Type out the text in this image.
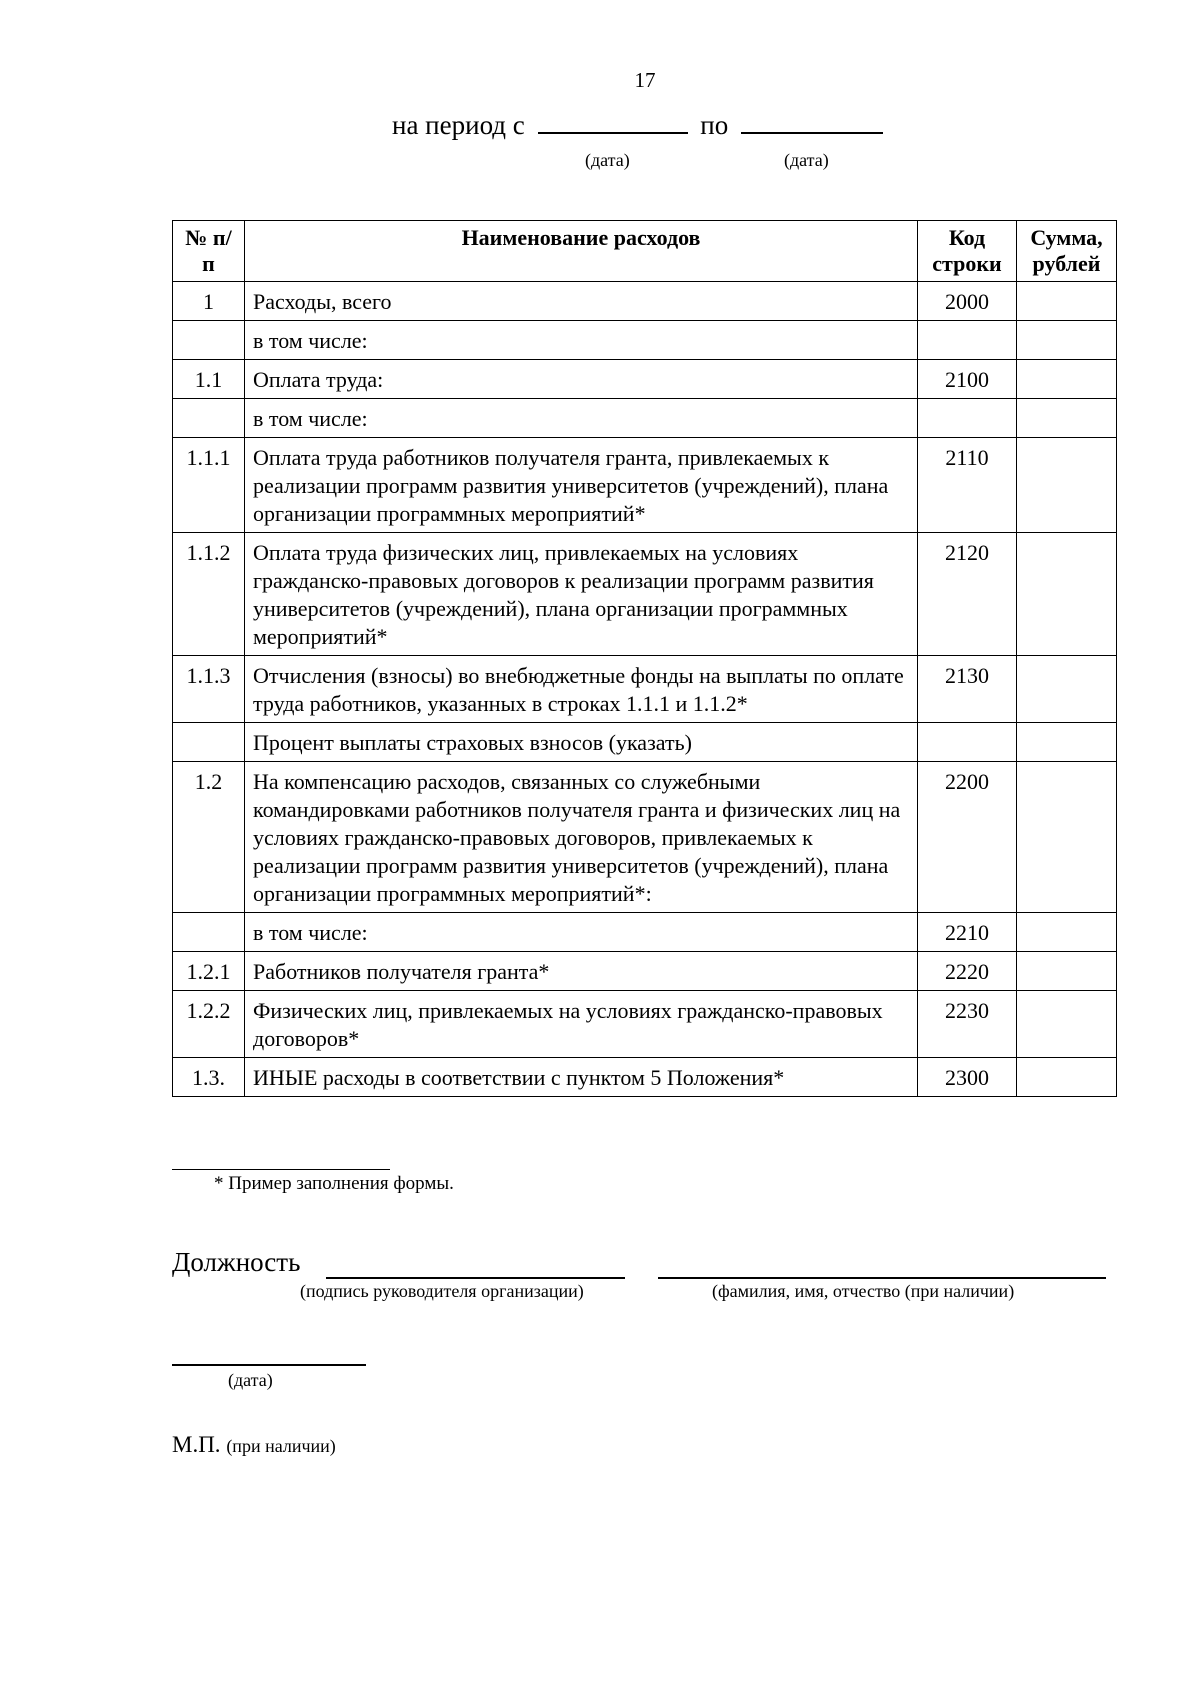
17
на период с	по
(дата)	(дата)
№ п/п	Наименование расходов	Код строки	Сумма, рублей
1	Расходы, всего	2000	
	в том числе:		
1.1	Оплата труда:	2100	
	в том числе:		
1.1.1	Оплата труда работников получателя гранта, привлекаемых к реализации программ развития университетов (учреждений), плана организации программных мероприятий*	2110	
1.1.2	Оплата труда физических лиц, привлекаемых на условиях гражданско-правовых договоров к реализации программ развития университетов (учреждений), плана организации программных мероприятий*	2120	
1.1.3	Отчисления (взносы) во внебюджетные фонды на выплаты по оплате труда работников, указанных в строках 1.1.1 и 1.1.2*	2130	
	Процент выплаты страховых взносов (указать)		
1.2	На компенсацию расходов, связанных со служебными командировками работников получателя гранта и физических лиц на условиях гражданско-правовых договоров, привлекаемых к реализации программ развития университетов (учреждений), плана организации программных мероприятий*:	2200	
	в том числе:	2210	
1.2.1	Работников получателя гранта*	2220	
1.2.2	Физических лиц, привлекаемых на условиях гражданско-правовых договоров*	2230	
1.3.	ИНЫЕ расходы в соответствии с пунктом 5 Положения*	2300	
* Пример заполнения формы.
Должность
(подпись руководителя организации)	(фамилия, имя, отчество (при наличии)
(дата)
М.П. (при наличии)
